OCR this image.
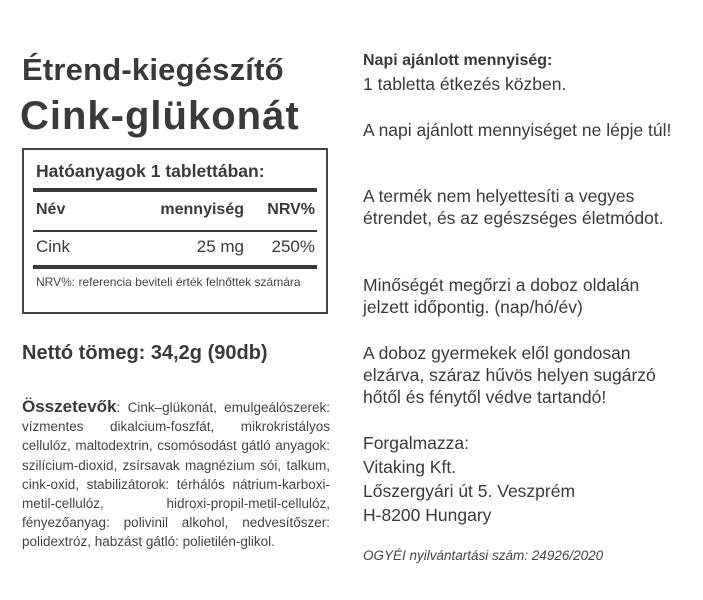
Étrend-kiegészítő
Cink-glükonát
Hatóanyagok 1 tablettában:
Név	mennyiség NRV%
Cink	25 mg 250%
NRV%: referencia beviteli érték felnőttek számára
Nettó tömeg: 34,2g (90db)
Összetevők: Cink–glükonát, emulgeálószerek: vízmentes dikalcium-foszfát, mikrokristályos cellulóz, maltodextrin, csomósodást gátló anyagok: szilícium-dioxid, zsírsavak magnézium sói, talkum, cink-oxid, stabilizátorok: térhálós nátrium-karboxi-metil-cellulóz, hidroxi-propil-metil-cellulóz, fényezőanyag: polivinil alkohol, nedvesítőszer: polidextróz, habzást gátló: polietilén-glikol.
Napi ajánlott mennyiség:
1 tabletta étkezés közben.
A napi ajánlott mennyiséget ne lépje túl!
A termék nem helyettesíti a vegyes étrendet, és az egészséges életmódot.
Minőségét megőrzi a doboz oldalán jelzett időpontig. (nap/hó/év)
A doboz gyermekek elől gondosan elzárva, száraz hűvös helyen sugárzó hőtől és fénytől védve tartandó!
Forgalmazza:
Vitaking Kft.
Lőszergyári út 5. Veszprém
H-8200 Hungary
OGYÉI nyilvántartási szám: 24926/2020
